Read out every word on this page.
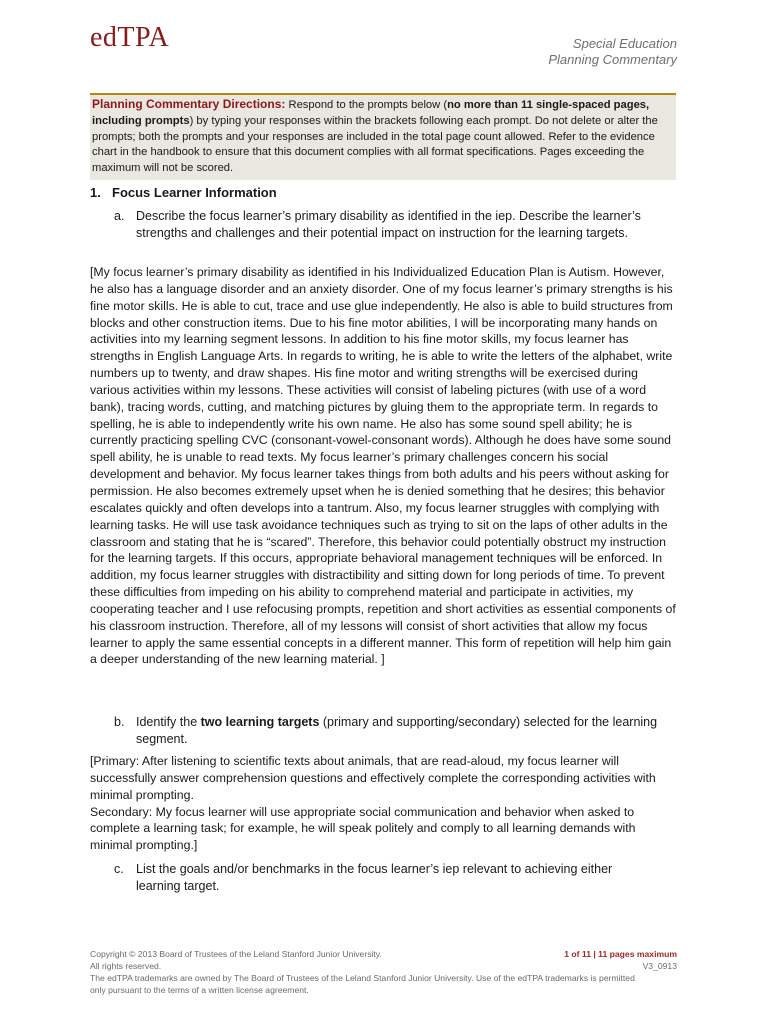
edTPA	Special Education
Planning Commentary
Planning Commentary Directions: Respond to the prompts below (no more than 11 single-spaced pages, including prompts) by typing your responses within the brackets following each prompt. Do not delete or alter the prompts; both the prompts and your responses are included in the total page count allowed. Refer to the evidence chart in the handbook to ensure that this document complies with all format specifications. Pages exceeding the maximum will not be scored.
1. Focus Learner Information
a. Describe the focus learner’s primary disability as identified in the iep. Describe the learner’s strengths and challenges and their potential impact on instruction for the learning targets.
[My focus learner’s primary disability as identified in his Individualized Education Plan is Autism. However, he also has a language disorder and an anxiety disorder. One of my focus learner’s primary strengths is his fine motor skills. He is able to cut, trace and use glue independently. He also is able to build structures from blocks and other construction items. Due to his fine motor abilities, I will be incorporating many hands on activities into my learning segment lessons. In addition to his fine motor skills, my focus learner has strengths in English Language Arts. In regards to writing, he is able to write the letters of the alphabet, write numbers up to twenty, and draw shapes. His fine motor and writing strengths will be exercised during various activities within my lessons. These activities will consist of labeling pictures (with use of a word bank), tracing words, cutting, and matching pictures by gluing them to the appropriate term. In regards to spelling, he is able to independently write his own name. He also has some sound spell ability; he is currently practicing spelling CVC (consonant-vowel-consonant words). Although he does have some sound spell ability, he is unable to read texts. My focus learner’s primary challenges concern his social development and behavior. My focus learner takes things from both adults and his peers without asking for permission. He also becomes extremely upset when he is denied something that he desires; this behavior escalates quickly and often develops into a tantrum. Also, my focus learner struggles with complying with learning tasks. He will use task avoidance techniques such as trying to sit on the laps of other adults in the classroom and stating that he is “scared”. Therefore, this behavior could potentially obstruct my instruction for the learning targets. If this occurs, appropriate behavioral management techniques will be enforced. In addition, my focus learner struggles with distractibility and sitting down for long periods of time. To prevent these difficulties from impeding on his ability to comprehend material and participate in activities, my cooperating teacher and I use refocusing prompts, repetition and short activities as essential components of his classroom instruction. Therefore, all of my lessons will consist of short activities that allow my focus learner to apply the same essential concepts in a different manner. This form of repetition will help him gain a deeper understanding of the new learning material. ]
b. Identify the two learning targets (primary and supporting/secondary) selected for the learning segment.
[Primary: After listening to scientific texts about animals, that are read-aloud, my focus learner will successfully answer comprehension questions and effectively complete the corresponding activities with minimal prompting.
Secondary: My focus learner will use appropriate social communication and behavior when asked to complete a learning task; for example, he will speak politely and comply to all learning demands with minimal prompting.]
c. List the goals and/or benchmarks in the focus learner’s iep relevant to achieving either learning target.
Copyright © 2013 Board of Trustees of the Leland Stanford Junior University.
All rights reserved.
The edTPA trademarks are owned by The Board of Trustees of the Leland Stanford Junior University. Use of the edTPA trademarks is permitted only pursuant to the terms of a written license agreement.
1 of 11 | 11 pages maximum
V3_0913
